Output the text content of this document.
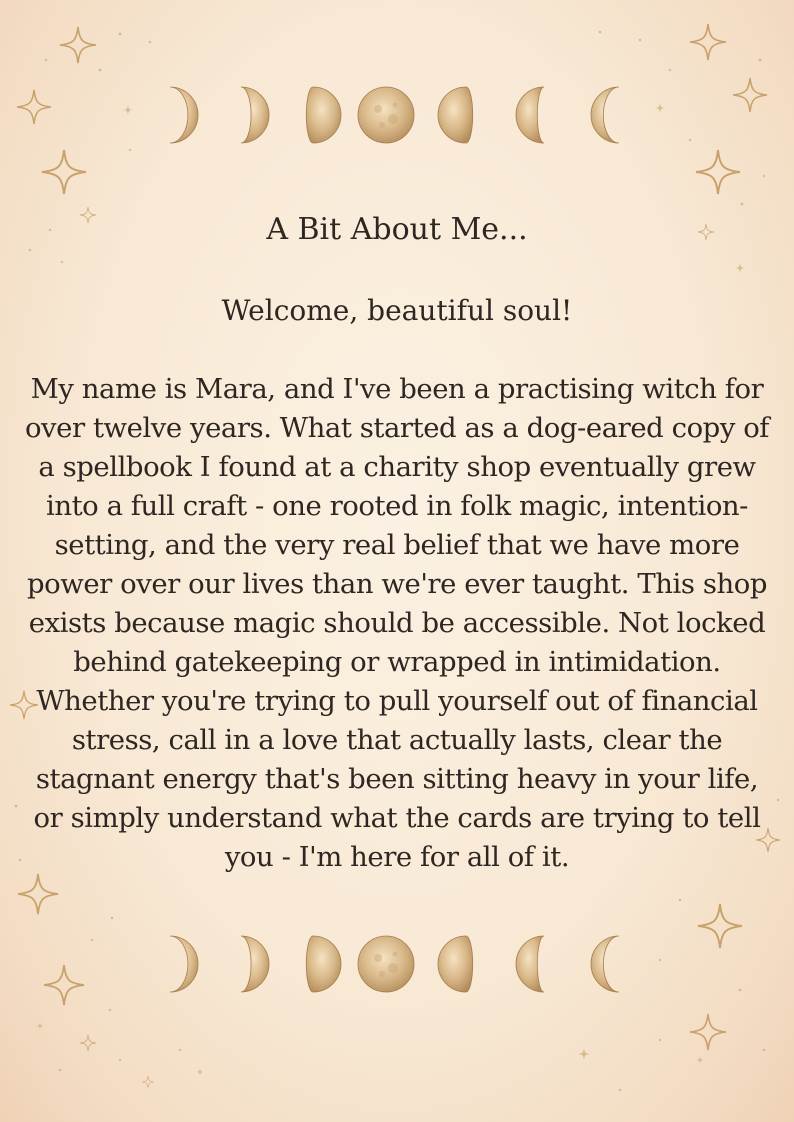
A Bit About Me...

Welcome, beautiful soul!

My name is Mara, and I've been a practising witch for over twelve years. What started as a dog-eared copy of a spellbook I found at a charity shop eventually grew into a full craft - one rooted in folk magic, intention-setting, and the very real belief that we have more power over our lives than we're ever taught. This shop exists because magic should be accessible. Not locked behind gatekeeping or wrapped in intimidation. Whether you're trying to pull yourself out of financial stress, call in a love that actually lasts, clear the stagnant energy that's been sitting heavy in your life, or simply understand what the cards are trying to tell you - I'm here for all of it.
